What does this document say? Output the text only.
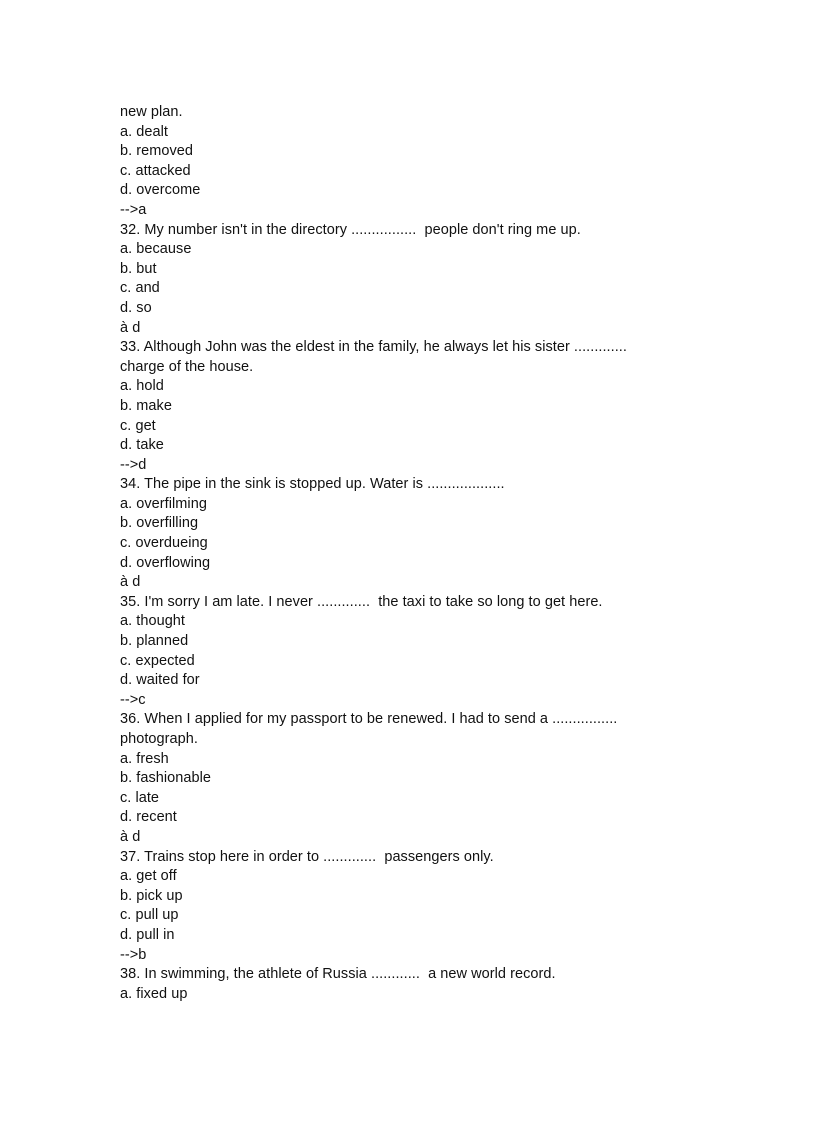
new plan.
a. dealt
b. removed
c. attacked
d. overcome
-->a
32. My number isn't in the directory ................  people don't ring me up.
a. because
b. but
c. and
d. so
à d
33. Although John was the eldest in the family, he always let his sister .............
charge of the house.
a. hold
b. make
c. get
d. take
-->d
34. The pipe in the sink is stopped up. Water is ...................
a. overfilming
b. overfilling
c. overdueing
d. overflowing
à d
35. I'm sorry I am late. I never .............  the taxi to take so long to get here.
a. thought
b. planned
c. expected
d. waited for
-->c
36. When I applied for my passport to be renewed. I had to send a ................
photograph.
a. fresh
b. fashionable
c. late
d. recent
à d
37. Trains stop here in order to .............  passengers only.
a. get off
b. pick up
c. pull up
d. pull in
-->b
38. In swimming, the athlete of Russia ............  a new world record.
a. fixed up
